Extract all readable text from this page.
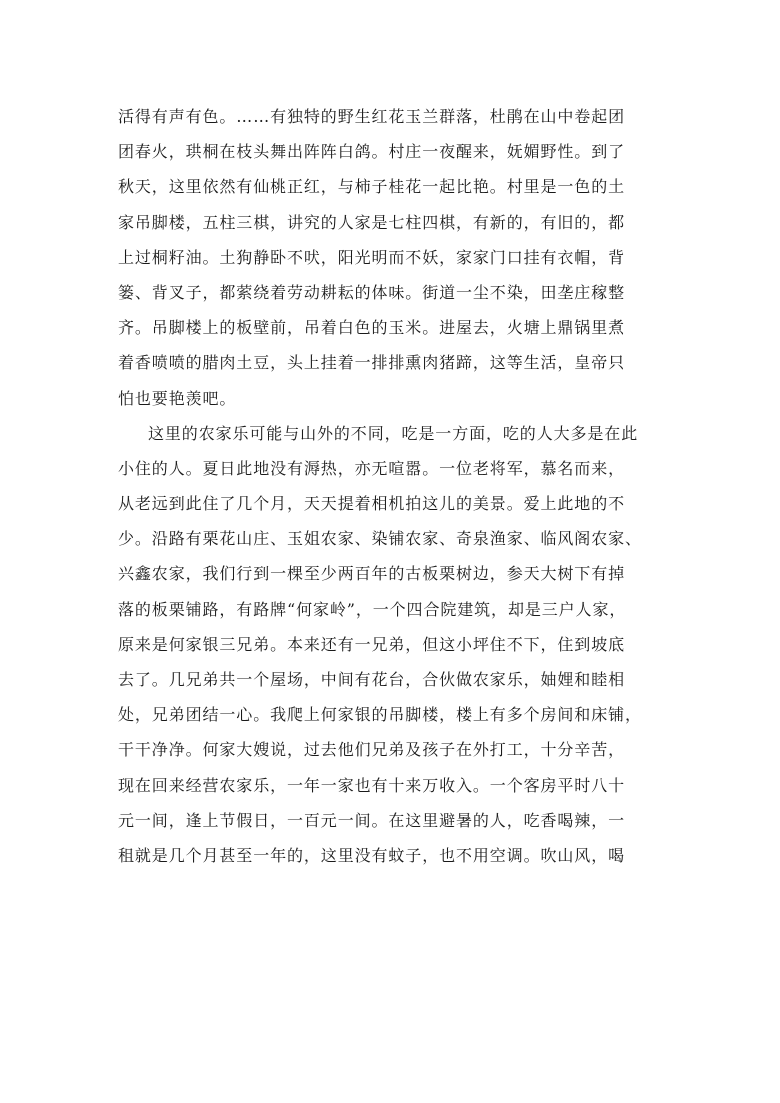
活得有声有色。……有独特的野生红花玉兰群落，杜鹃在山中卷起团
团春火，珙桐在枝头舞出阵阵白鸽。村庄一夜醒来，妩媚野性。到了
秋天，这里依然有仙桃正红，与柿子桂花一起比艳。村里是一色的土
家吊脚楼，五柱三棋，讲究的人家是七柱四棋，有新的，有旧的，都
上过桐籽油。土狗静卧不吠，阳光明而不妖，家家门口挂有衣帽，背
篓、背叉子，都萦绕着劳动耕耘的体味。街道一尘不染，田垄庄稼整
齐。吊脚楼上的板壁前，吊着白色的玉米。进屋去，火塘上鼎锅里煮
着香喷喷的腊肉土豆，头上挂着一排排熏肉猪蹄，这等生活，皇帝只
怕也要艳羡吧。
这里的农家乐可能与山外的不同，吃是一方面，吃的人大多是在此
小住的人。夏日此地没有溽热，亦无喧嚣。一位老将军，慕名而来，
从老远到此住了几个月，天天提着相机拍这儿的美景。爱上此地的不
少。沿路有栗花山庄、玉姐农家、染铺农家、奇泉渔家、临风阁农家、
兴鑫农家，我们行到一棵至少两百年的古板栗树边，参天大树下有掉
落的板栗铺路，有路牌“何家岭”，一个四合院建筑，却是三户人家，
原来是何家银三兄弟。本来还有一兄弟，但这小坪住不下，住到坡底
去了。几兄弟共一个屋场，中间有花台，合伙做农家乐，妯娌和睦相
处，兄弟团结一心。我爬上何家银的吊脚楼，楼上有多个房间和床铺，
干干净净。何家大嫂说，过去他们兄弟及孩子在外打工，十分辛苦，
现在回来经营农家乐，一年一家也有十来万收入。一个客房平时八十
元一间，逢上节假日，一百元一间。在这里避暑的人，吃香喝辣，一
租就是几个月甚至一年的，这里没有蚊子，也不用空调。吹山风，喝
